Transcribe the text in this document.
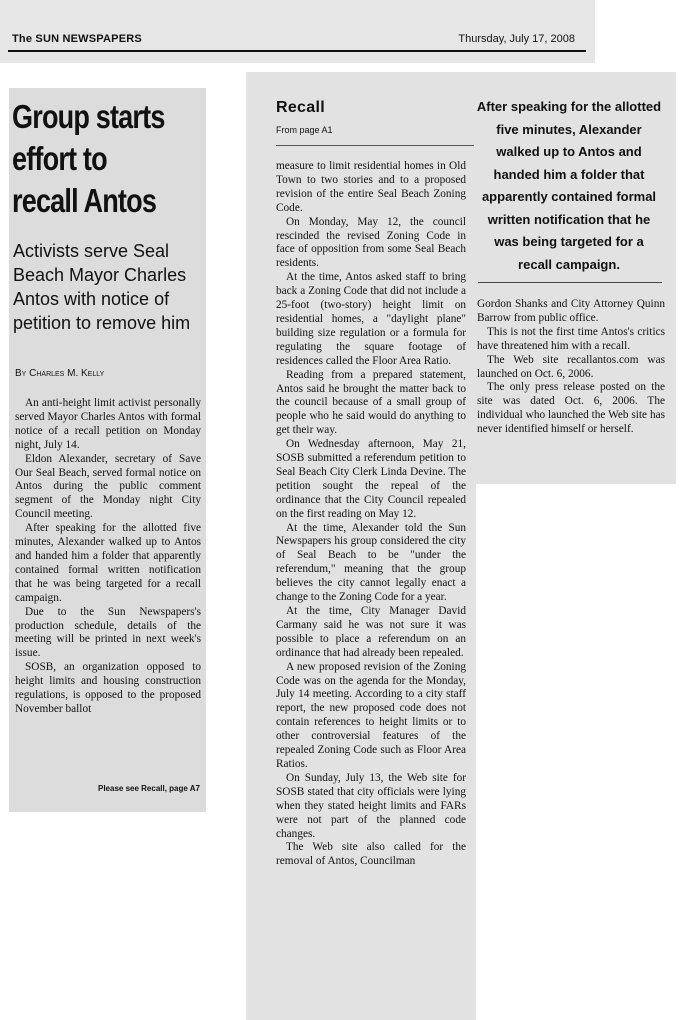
The SUN NEWSPAPERS	Thursday, July 17, 2008
Group starts
effort to
recall Antos

Activists serve Seal Beach Mayor Charles Antos with notice of petition to remove him

By Charles M. Kelly

An anti-height limit activist personally served Mayor Charles Antos with formal notice of a recall petition on Monday night, July 14.

Eldon Alexander, secretary of Save Our Seal Beach, served formal notice on Antos during the public comment segment of the Monday night City Council meeting.

After speaking for the allotted five minutes, Alexander walked up to Antos and handed him a folder that apparently contained formal written notification that he was being targeted for a recall campaign.

Due to the Sun Newspapers's production schedule, details of the meeting will be printed in next week's issue.

SOSB, an organization opposed to height limits and housing construction regulations, is opposed to the proposed November ballot

Please see Recall, page A7
Recall
From page A1

measure to limit residential homes in Old Town to two stories and to a proposed revision of the entire Seal Beach Zoning Code.

On Monday, May 12, the council rescinded the revised Zoning Code in face of opposition from some Seal Beach residents.

At the time, Antos asked staff to bring back a Zoning Code that did not include a 25-foot (two-story) height limit on residential homes, a "daylight plane" building size regulation or a formula for regulating the square footage of residences called the Floor Area Ratio.

Reading from a prepared statement, Antos said he brought the matter back to the council because of a small group of people who he said would do anything to get their way.

On Wednesday afternoon, May 21, SOSB submitted a referendum petition to Seal Beach City Clerk Linda Devine. The petition sought the repeal of the ordinance that the City Council repealed on the first reading on May 12.

At the time, Alexander told the Sun Newspapers his group considered the city of Seal Beach to be "under the referendum," meaning that the group believes the city cannot legally enact a change to the Zoning Code for a year.

At the time, City Manager David Carmany said he was not sure it was possible to place a referendum on an ordinance that had already been repealed.

A new proposed revision of the Zoning Code was on the agenda for the Monday, July 14 meeting. According to a city staff report, the new proposed code does not contain references to height limits or to other controversial features of the repealed Zoning Code such as Floor Area Ratios.

On Sunday, July 13, the Web site for SOSB stated that city officials were lying when they stated height limits and FARs were not part of the planned code changes.

The Web site also called for the removal of Antos, Councilman

After speaking for the allotted five minutes, Alexander walked up to Antos and handed him a folder that apparently contained formal written notification that he was being targeted for a recall campaign.

Gordon Shanks and City Attorney Quinn Barrow from public office.

This is not the first time Antos's critics have threatened him with a recall.

The Web site recallantos.com was launched on Oct. 6, 2006.

The only press release posted on the site was dated Oct. 6, 2006. The individual who launched the Web site has never identified himself or herself.
